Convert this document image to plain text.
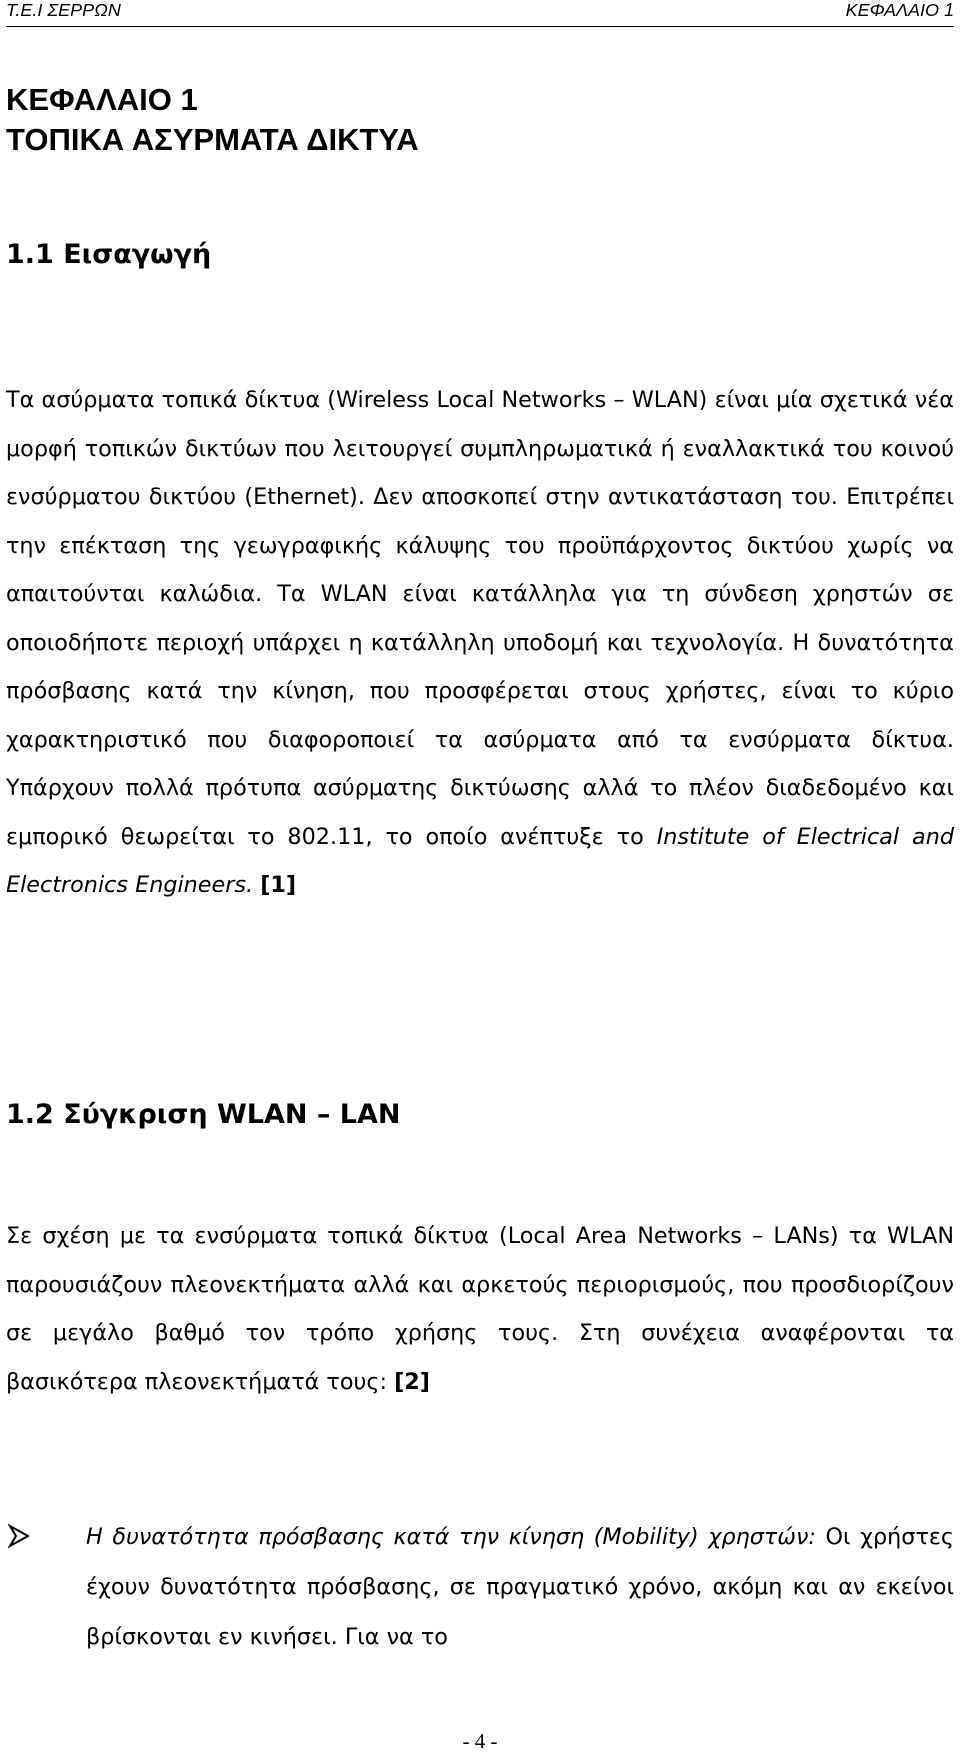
Τ.Ε.Ι ΣΕΡΡΩΝ	ΚΕΦΑΛΑΙΟ 1
ΚΕΦΑΛΑΙΟ 1
ΤΟΠΙΚΑ ΑΣΥΡΜΑΤΑ ΔΙΚΤΥΑ
1.1 Εισαγωγή

Τα ασύρματα τοπικά δίκτυα (Wireless Local Networks – WLAN) είναι μία σχετικά νέα μορφή τοπικών δικτύων που λειτουργεί συμπληρωματικά ή εναλλακτικά του κοινού ενσύρματου δικτύου (Ethernet). Δεν αποσκοπεί στην αντικατάσταση του. Επιτρέπει την επέκταση της γεωγραφικής κάλυψης του προϋπάρχοντος δικτύου χωρίς να απαιτούνται καλώδια. Τα WLAN είναι κατάλληλα για τη σύνδεση χρηστών σε οποιοδήποτε περιοχή υπάρχει η κατάλληλη υποδομή και τεχνολογία. Η δυνατότητα πρόσβασης κατά την κίνηση, που προσφέρεται στους χρήστες, είναι το κύριο χαρακτηριστικό που διαφοροποιεί τα ασύρματα από τα ενσύρματα δίκτυα. Υπάρχουν πολλά πρότυπα ασύρματης δικτύωσης αλλά το πλέον διαδεδομένο και εμπορικό θεωρείται το 802.11, το οποίο ανέπτυξε το Institute of Electrical and Electronics Engineers. [1]

1.2 Σύγκριση WLAN – LAN

Σε σχέση με τα ενσύρματα τοπικά δίκτυα (Local Area Networks – LANs) τα WLAN παρουσιάζουν πλεονεκτήματα αλλά και αρκετούς περιορισμούς, που προσδιορίζουν σε μεγάλο βαθμό τον τρόπο χρήσης τους. Στη συνέχεια αναφέρονται τα βασικότερα πλεονεκτήματά τους: [2]

Η δυνατότητα πρόσβασης κατά την κίνηση (Mobility) χρηστών: Οι χρήστες έχουν δυνατότητα πρόσβασης, σε πραγματικό χρόνο, ακόμη και αν εκείνοι βρίσκονται εν κινήσει. Για να το
- 4 -
